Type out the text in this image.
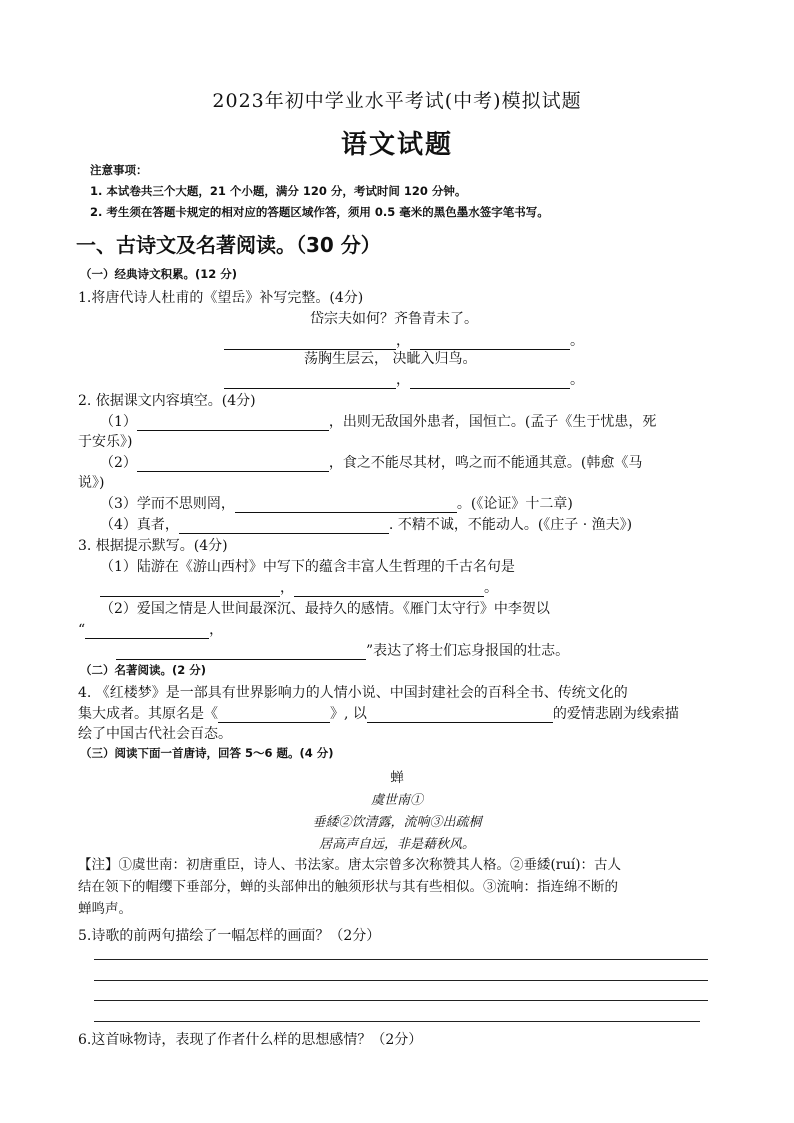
2023年初中学业水平考试(中考)模拟试题
语文试题
注意事项：
1. 本试卷共三个大题，21 个小题，满分 120 分，考试时间 120 分钟。
2. 考生须在答题卡规定的相对应的答题区域作答，须用 0.5 毫米的黑色墨水签字笔书写。
一、古诗文及名著阅读。（30 分）
（一）经典诗文积累。(12 分)
1.将唐代诗人杜甫的《望岳》补写完整。(4分)
岱宗夫如何？齐鲁青未了。
，	。
荡胸生层云， 决眦入归鸟。
，	。
2. 依据课文内容填空。(4分)
（1）	，出则无敌国外患者，国恒亡。(孟子《生于忧患，死
于安乐》)
（2）	，食之不能尽其材，鸣之而不能通其意。(韩愈《马
说》)
（3）学而不思则罔，	。(《论证》十二章)
（4）真者，	. 不精不诚，不能动人。(《庄子 · 渔夫》)
3. 根据提示默写。(4分)
（1）陆游在《游山西村》中写下的蕴含丰富人生哲理的千古名句是
，	。
（2）爱国之情是人世间最深沉、最持久的感情。《雁门太守行》中李贺以
“	，
”表达了将士们忘身报国的壮志。
（二）名著阅读。(2 分)
4. 《红楼梦》是一部具有世界影响力的人情小说、中国封建社会的百科全书、传统文化的
集大成者。其原名是《	》, 以	的爱情悲剧为线索描
绘了中国古代社会百态。
（三）阅读下面一首唐诗，回答 5～6 题。(4 分)
蝉
虞世南①
垂緌②饮清露，流响③出疏桐
居高声自远，非是藉秋风。
【注】①虞世南：初唐重臣，诗人、书法家。唐太宗曾多次称赞其人格。②垂緌(ruí)：古人
结在领下的帽缨下垂部分，蝉的头部伸出的触须形状与其有些相似。③流响：指连绵不断的
蝉鸣声。
5.诗歌的前两句描绘了一幅怎样的画面？（2分）
6.这首咏物诗，表现了作者什么样的思想感情？（2分）
